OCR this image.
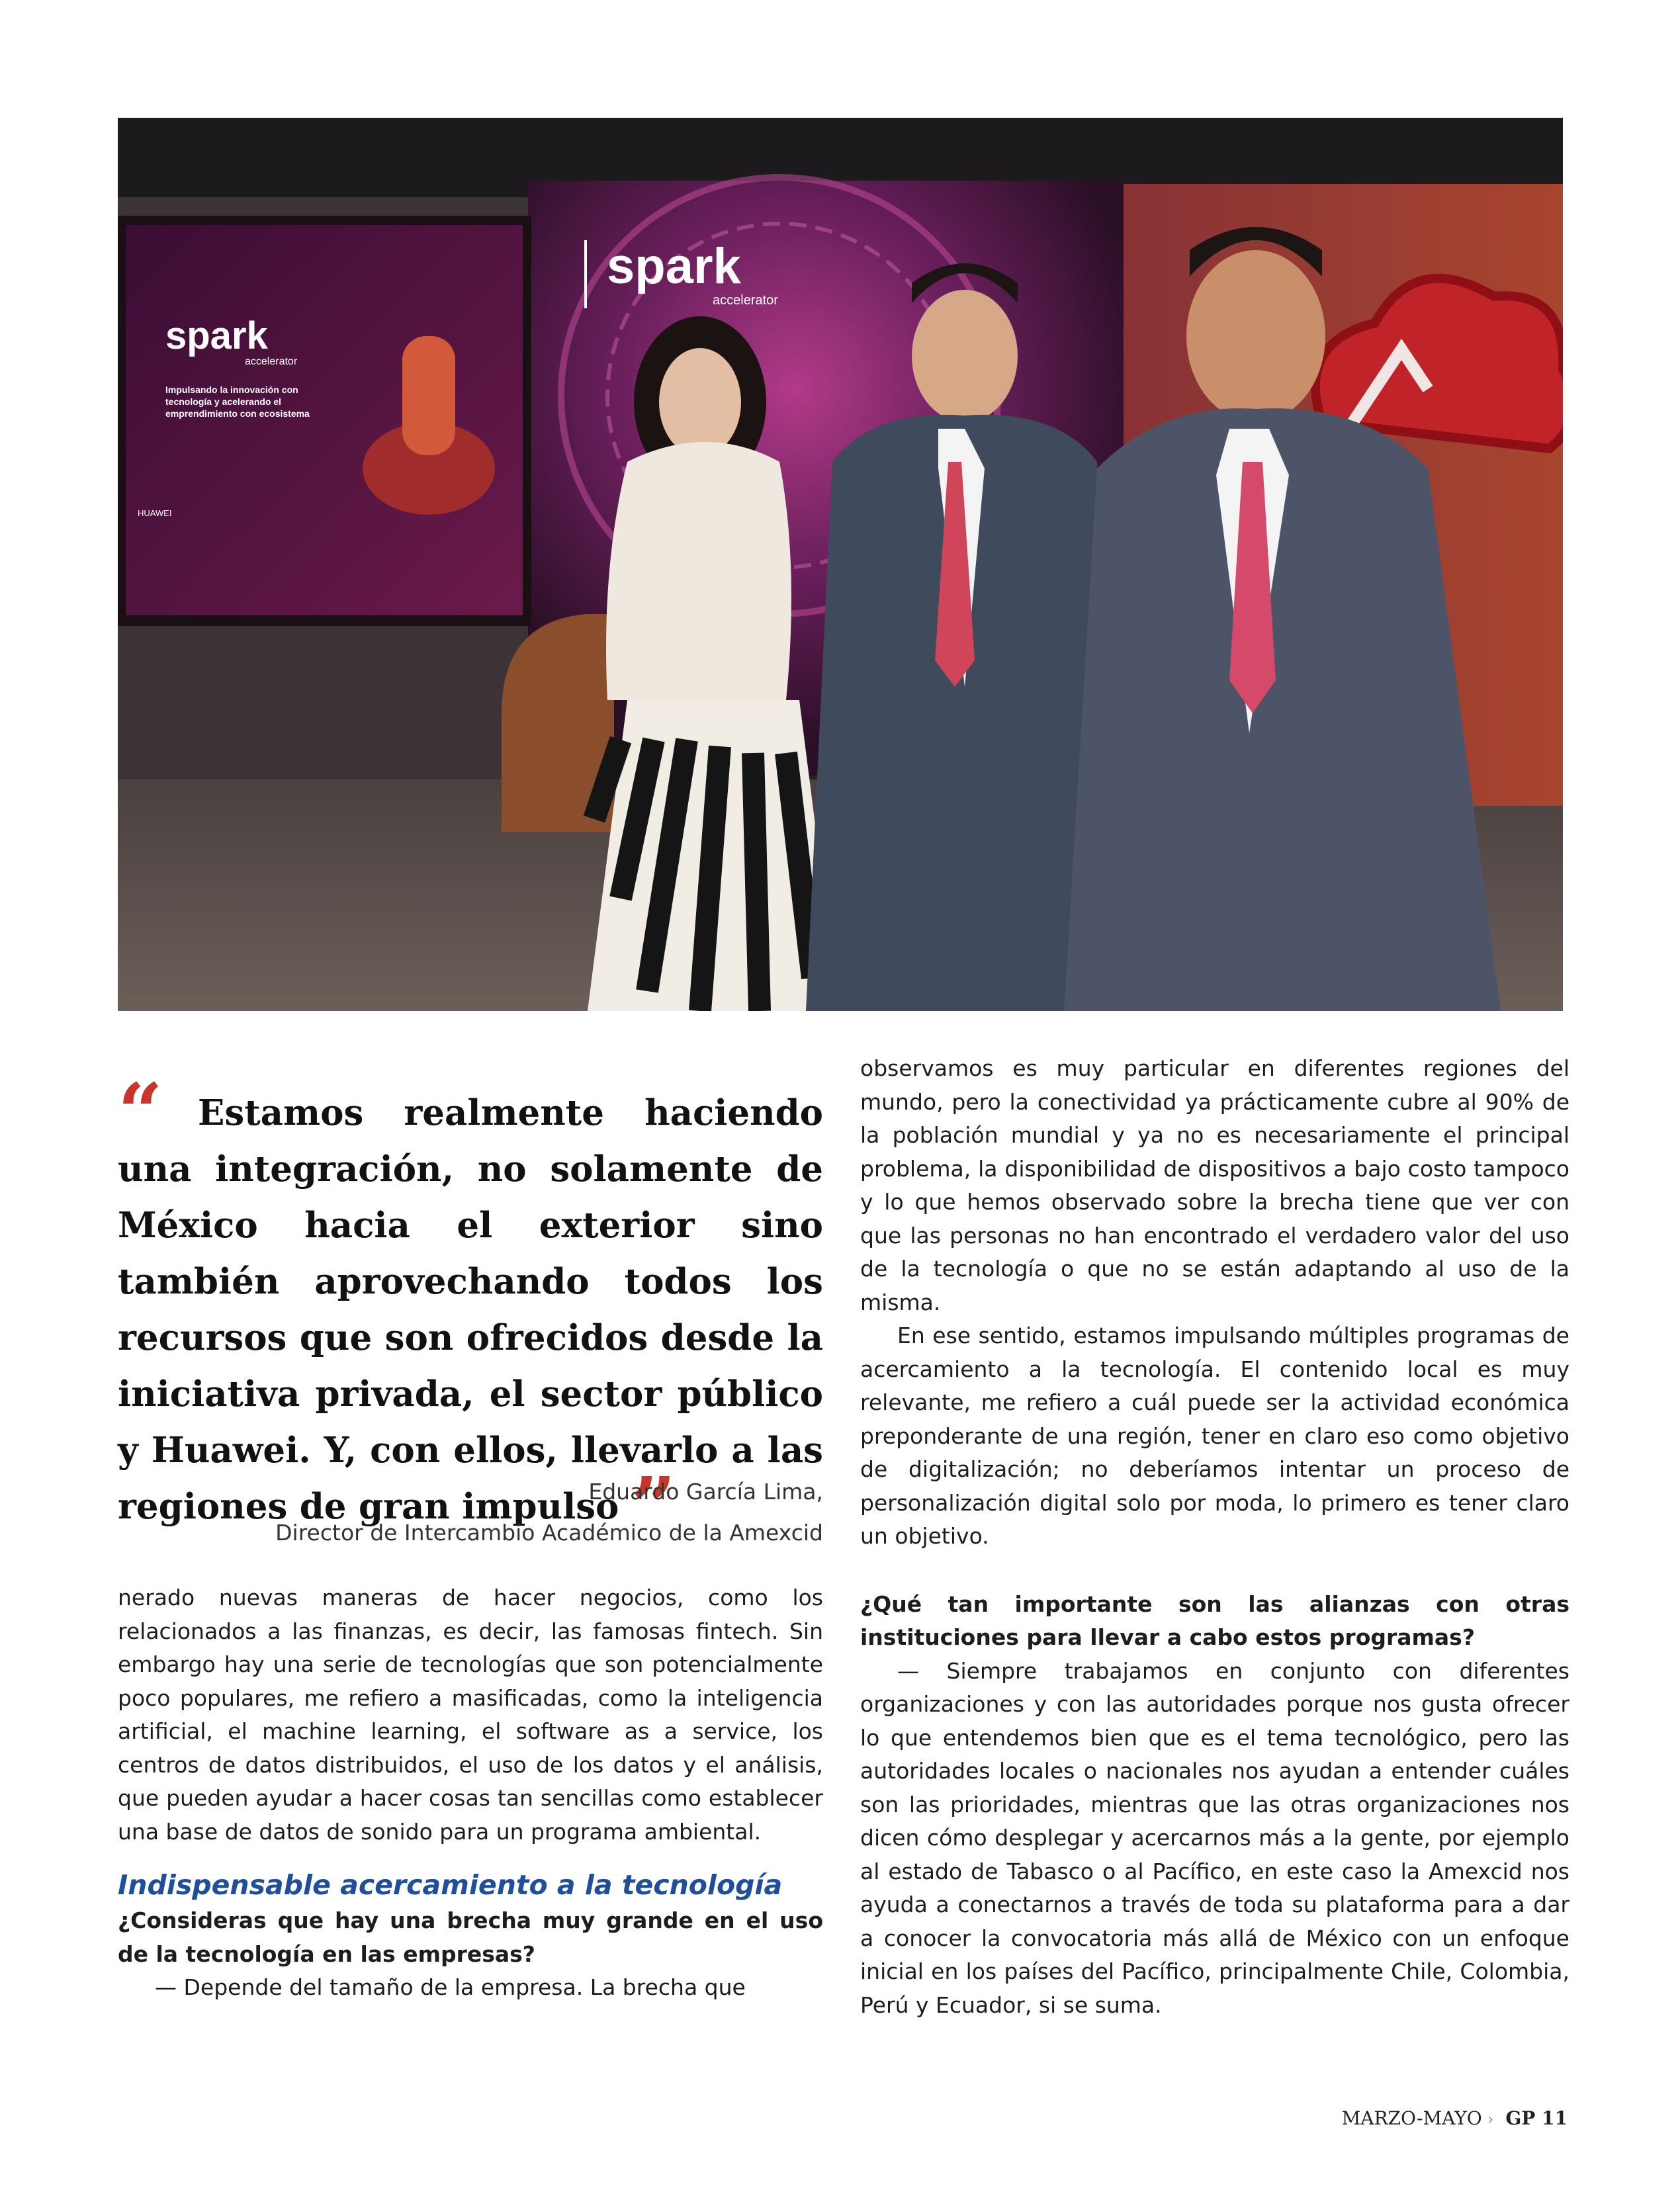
spark
accelerator
Impulsando la innovación con tecnología y acelerando el emprendimiento con ecosistema
HUAWEI
spark
accelerator
“ Estamos realmente haciendo una integración, no solamente de México hacia el exterior sino también aprovechando todos los recursos que son ofrecidos desde la iniciativa privada, el sector público y Huawei. Y, con ellos, llevarlo a las regiones de gran impulso ”
Eduardo García Lima,
Director de Intercambio Académico de la Amexcid

nerado nuevas maneras de hacer negocios, como los relacionados a las finanzas, es decir, las famosas fintech. Sin embargo hay una serie de tecnologías que son potencialmente poco populares, me refiero a masificadas, como la inteligencia artificial, el machine learning, el software as a service, los centros de datos distribuidos, el uso de los datos y el análisis, que pueden ayudar a hacer cosas tan sencillas como establecer una base de datos de sonido para un programa ambiental.

Indispensable acercamiento a la tecnología

¿Consideras que hay una brecha muy grande en el uso de la tecnología en las empresas?

— Depende del tamaño de la empresa. La brecha que

observamos es muy particular en diferentes regiones del mundo, pero la conectividad ya prácticamente cubre al 90% de la población mundial y ya no es necesariamente el principal problema, la disponibilidad de dispositivos a bajo costo tampoco y lo que hemos observado sobre la brecha tiene que ver con que las personas no han encontrado el verdadero valor del uso de la tecnología o que no se están adaptando al uso de la misma.

En ese sentido, estamos impulsando múltiples programas de acercamiento a la tecnología. El contenido local es muy relevante, me refiero a cuál puede ser la actividad económica preponderante de una región, tener en claro eso como objetivo de digitalización; no deberíamos intentar un proceso de personalización digital solo por moda, lo primero es tener claro un objetivo.

¿Qué tan importante son las alianzas con otras instituciones para llevar a cabo estos programas?

— Siempre trabajamos en conjunto con diferentes organizaciones y con las autoridades porque nos gusta ofrecer lo que entendemos bien que es el tema tecnológico, pero las autoridades locales o nacionales nos ayudan a entender cuáles son las prioridades, mientras que las otras organizaciones nos dicen cómo desplegar y acercarnos más a la gente, por ejemplo al estado de Tabasco o al Pacífico, en este caso la Amexcid nos ayuda a conectarnos a través de toda su plataforma para a dar a conocer la convocatoria más allá de México con un enfoque inicial en los países del Pacífico, principalmente Chile, Colombia, Perú y Ecuador, si se suma.

MARZO-MAYO › GP 11
